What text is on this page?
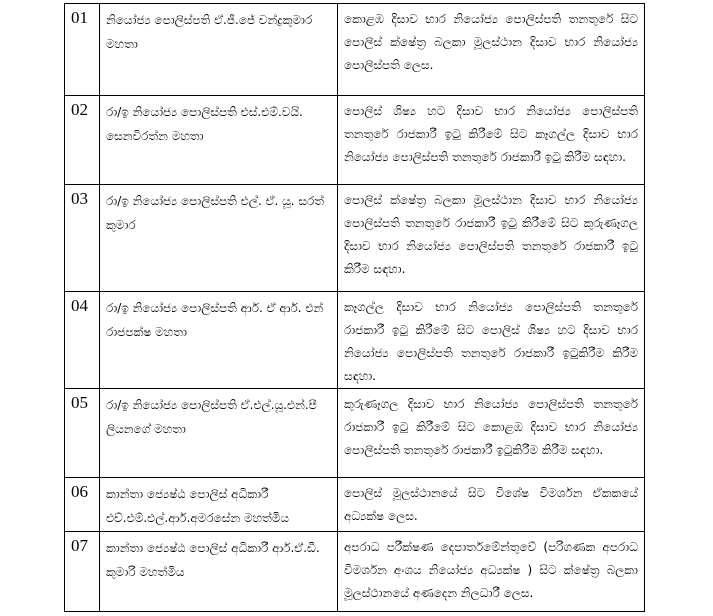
01	නියෝජ්‍ය පොලිස්පති ඒ.ජී.ජේ චන්ද්‍රකුමාර මහතා	කොළඹ දිසාව භාර නියෝජ්‍ය පොලිස්පති තනතුරේ සිට පොලිස් ක්ෂේත්‍ර බලකා මූලස්ථාන දිසාව භාර නියෝජ්‍ය පොලිස්පති ලෙස.
02	රා/ඉ නියෝජ්‍ය පොලිස්පති එස්.එම්.වයි. සෙනවිරත්න මහතා	පොලිස් ශිෂ්‍ය හට දිසාව භාර නියෝජ්‍ය පොලිස්පති තනතුරේ රාජකාරී ඉටු කිරීමේ සිට කෑගල්ල දිසාව භාර නියෝජ්‍ය පොලිස්පති තනතුරේ රාජකාරී ඉටු කිරීම සඳහා.
03	රා/ඉ නියෝජ්‍ය පොලිස්පති එල්. ඒ. යූ. සරත් කුමාර	පොලිස් ක්ෂේත්‍ර බලකා මූලස්ථාන දිසාව භාර නියෝජ්‍ය පොලිස්පති තනතුරේ රාජකාරී ඉටු කිරීමේ සිට කුරුණෑගල දිසාව භාර නියෝජ්‍ය පොලිස්පති තනතුරේ රාජකාරී ඉටු කිරීම සඳහා.
04	රා/ඉ නියෝජ්‍ය පොලිස්පති ආර්. ඒ ආර්. එන් රාජපක්ෂ මහතා	කෑගල්ල දිසාව භාර නියෝජ්‍ය පොලිස්පති තනතුරේ රාජකාරී ඉටු කිරීමේ සිට පොලිස් ශිෂ්‍ය හට දිසාව භාර නියෝජ්‍ය පොලිස්පති තනතුරේ රාජකාරී ඉටුකිරීම කිරීම සඳහා.
05	රා/ඉ නියෝජ්‍ය පොලිස්පති ඒ.එල්.යූ.එන්.පී ලියනගේ මහතා	කුරුණෑගල දිසාව භාර නියෝජ්‍ය පොලිස්පති තනතුරේ රාජකාරී ඉටු කිරීමේ සිට කොළඹ දිසාව භාර නියෝජ්‍ය පොලිස්පති තනතුරේ රාජකාරී ඉටුකිරීම කිරීම සඳහා.
06	කාන්තා ජ්‍යෙෂ්ඨ පොලිස් අධිකාරී එච්.එම්.එල්.ආර්.අමරසේන මහත්මිය	පොලිස් මූලස්ථානයේ සිට විශේෂ විමර්ශන ඒකකයේ අධ්‍යක්ෂ ලෙස.
07	කාන්තා ජ්‍යෙෂ්ඨ පොලිස් අධිකාරී ආර්.ඒ.ඩී. කුමාරි මහත්මිය	අපරාධ පරීක්ෂණ දෙපාර්තමේන්තුවේ (පරිගණක අපරාධ විමර්ශන අංශය නියෝජ්‍ය අධ්‍යක්ෂ ) සිට ක්ෂේත්‍ර බලකා මූලස්ථානයේ අණදෙන නිලධාරී ලෙස.
